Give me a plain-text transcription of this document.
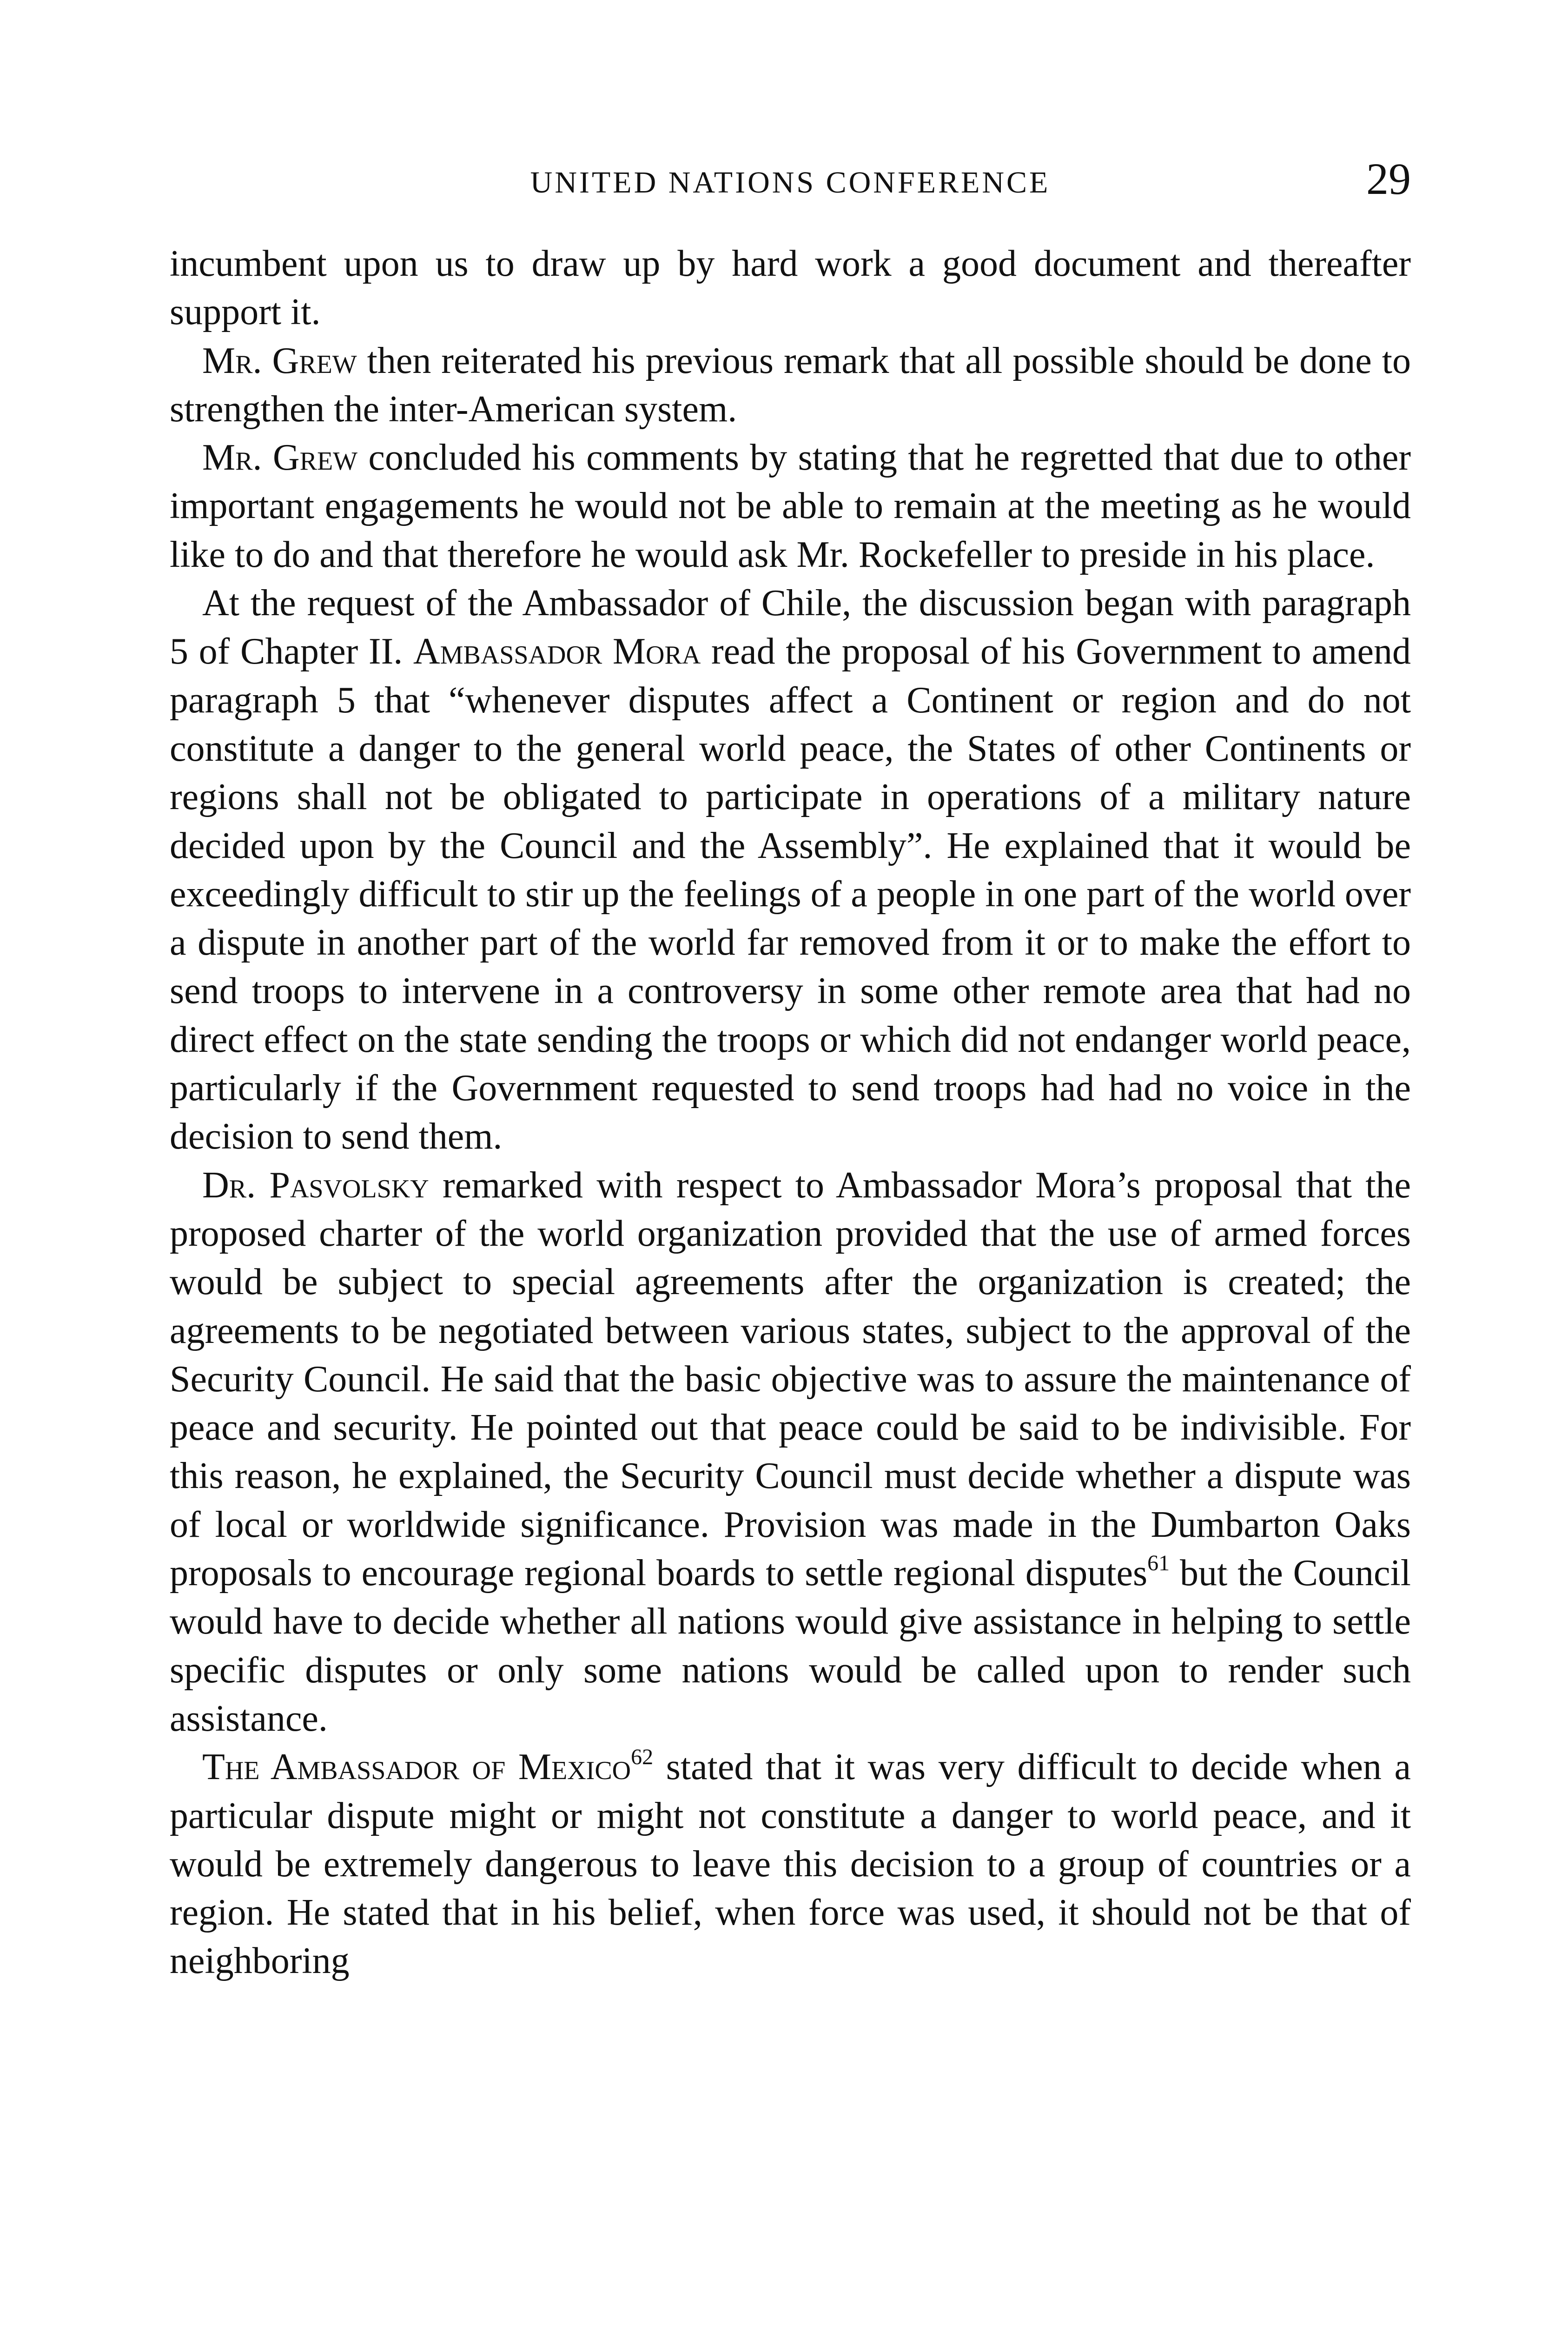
UNITED NATIONS CONFERENCE	29

incumbent upon us to draw up by hard work a good document and thereafter support it.

Mr. Grew then reiterated his previous remark that all possible should be done to strengthen the inter-American system.

Mr. Grew concluded his comments by stating that he regretted that due to other important engagements he would not be able to remain at the meeting as he would like to do and that therefore he would ask Mr. Rockefeller to preside in his place.

At the request of the Ambassador of Chile, the discussion began with paragraph 5 of Chapter II. Ambassador Mora read the proposal of his Government to amend paragraph 5 that “whenever disputes affect a Continent or region and do not constitute a danger to the general world peace, the States of other Continents or regions shall not be obligated to participate in operations of a military nature decided upon by the Council and the Assembly”. He explained that it would be exceedingly difficult to stir up the feelings of a people in one part of the world over a dispute in another part of the world far removed from it or to make the effort to send troops to intervene in a controversy in some other remote area that had no direct effect on the state sending the troops or which did not endanger world peace, particularly if the Government requested to send troops had had no voice in the decision to send them.

Dr. Pasvolsky remarked with respect to Ambassador Mora’s proposal that the proposed charter of the world organization provided that the use of armed forces would be subject to special agreements after the organization is created; the agreements to be negotiated between various states, subject to the approval of the Security Council. He said that the basic objective was to assure the maintenance of peace and security. He pointed out that peace could be said to be indivisible. For this reason, he explained, the Security Council must decide whether a dispute was of local or worldwide significance. Provision was made in the Dumbarton Oaks proposals to encourage regional boards to settle regional disputes$^{61}$ but the Council would have to decide whether all nations would give assistance in helping to settle specific disputes or only some nations would be called upon to render such assistance.

The Ambassador of Mexico$^{62}$ stated that it was very difficult to decide when a particular dispute might or might not constitute a danger to world peace, and it would be extremely dangerous to leave this decision to a group of countries or a region. He stated that in his belief, when force was used, it should not be that of neighboring
